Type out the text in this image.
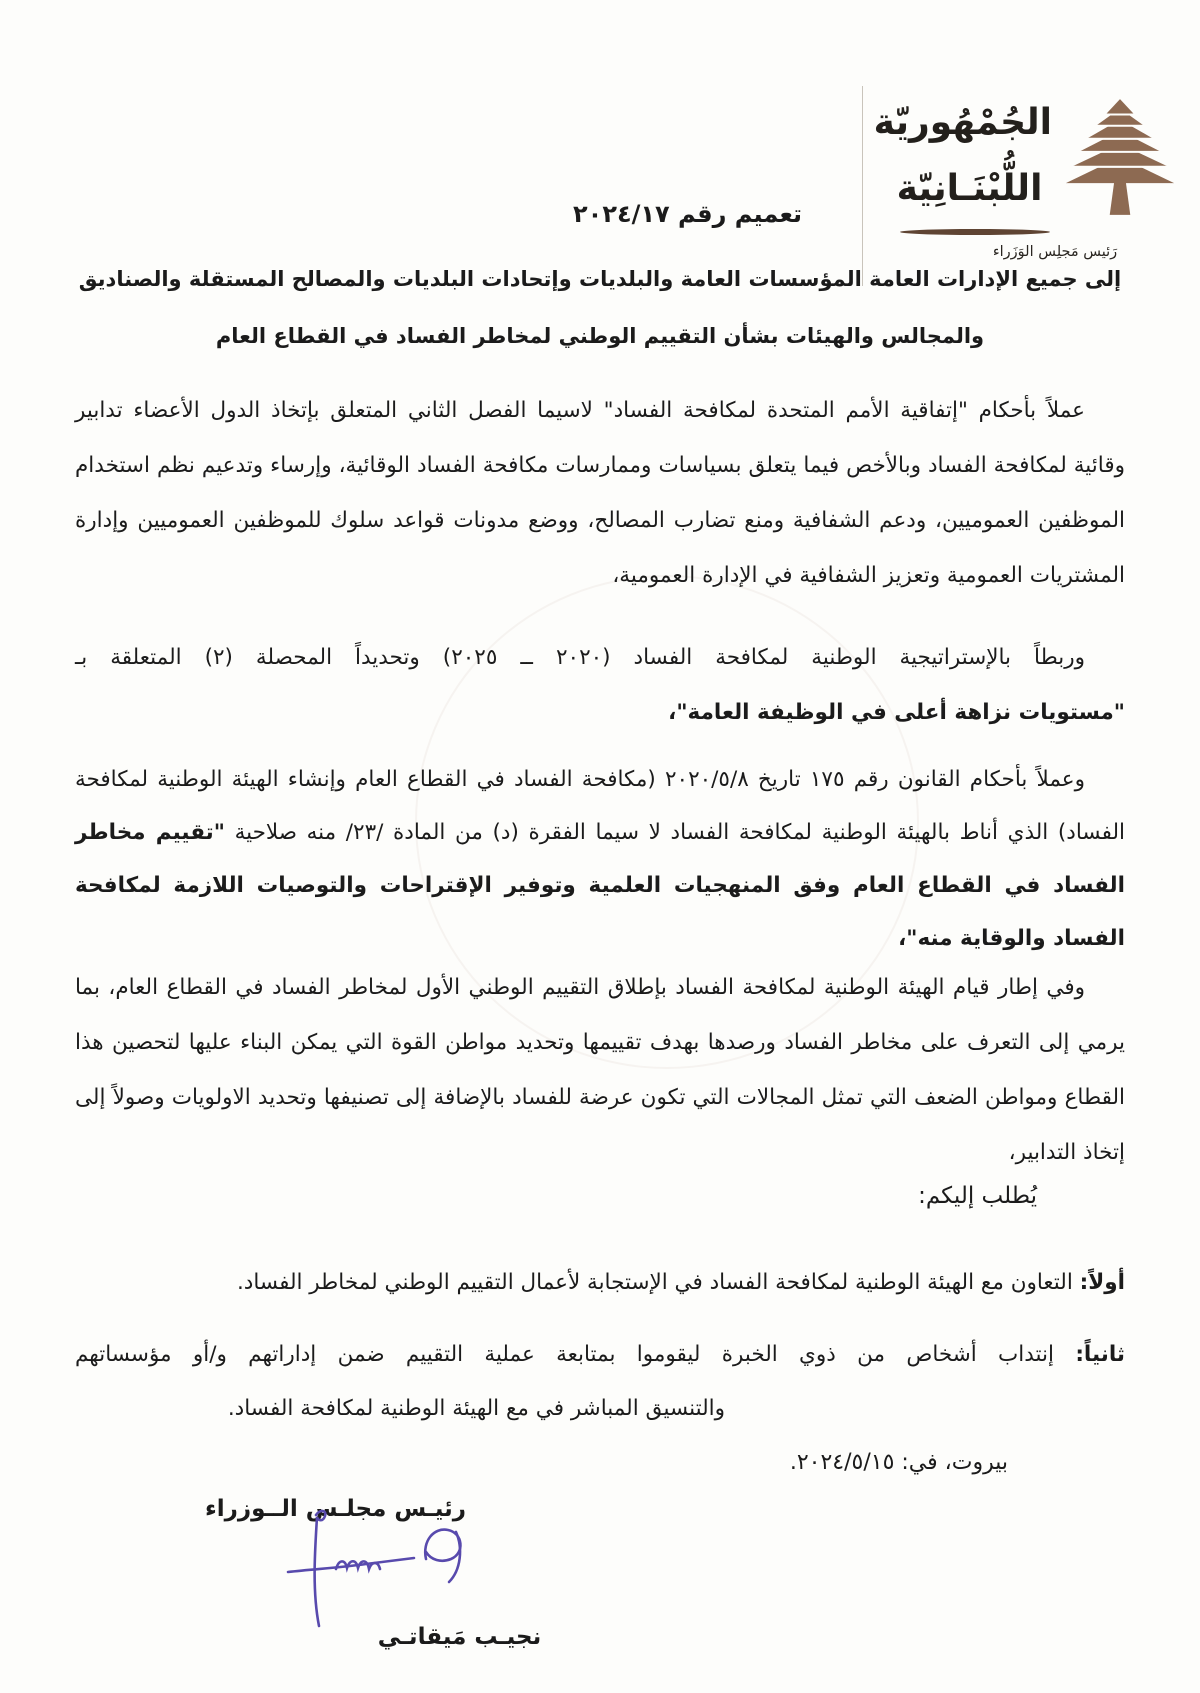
الجُمْهُوريّة
اللُّبْنَـانِيّة
رَئيس مَجلِس الوَزَراء
تعميم رقم ٢٠٢٤/١٧
إلى جميع الإدارات العامة المؤسسات العامة والبلديات وإتحادات البلديات والمصالح المستقلة والصناديق
والمجالس والهيئات بشأن التقييم الوطني لمخاطر الفساد في القطاع العام
عملاً بأحكام "إتفاقية الأمم المتحدة لمكافحة الفساد" لاسيما الفصل الثاني المتعلق بإتخاذ الدول الأعضاء تدابير وقائية لمكافحة الفساد وبالأخص فيما يتعلق بسياسات وممارسات مكافحة الفساد الوقائية، وإرساء وتدعيم نظم استخدام الموظفين العموميين، ودعم الشفافية ومنع تضارب المصالح، ووضع مدونات قواعد سلوك للموظفين العموميين وإدارة المشتريات العمومية وتعزيز الشفافية في الإدارة العمومية،
وربطاً بالإستراتيجية الوطنية لمكافحة الفساد (٢٠٢٠ ــ ٢٠٢٥) وتحديداً المحصلة (٢) المتعلقة بـ
"مستويات نزاهة أعلى في الوظيفة العامة"،
وعملاً بأحكام القانون رقم ١٧٥ تاريخ ٢٠٢٠/٥/٨ (مكافحة الفساد في القطاع العام وإنشاء الهيئة الوطنية لمكافحة الفساد) الذي أناط بالهيئة الوطنية لمكافحة الفساد لا سيما الفقرة (د) من المادة /٢٣/ منه صلاحية "تقييم مخاطر الفساد في القطاع العام وفق المنهجيات العلمية وتوفير الإقتراحات والتوصيات اللازمة لمكافحة الفساد والوقاية منه"،
وفي إطار قيام الهيئة الوطنية لمكافحة الفساد بإطلاق التقييم الوطني الأول لمخاطر الفساد في القطاع العام، بما يرمي إلى التعرف على مخاطر الفساد ورصدها بهدف تقييمها وتحديد مواطن القوة التي يمكن البناء عليها لتحصين هذا القطاع ومواطن الضعف التي تمثل المجالات التي تكون عرضة للفساد بالإضافة إلى تصنيفها وتحديد الاولويات وصولاً إلى إتخاذ التدابير،
يُطلب إليكم:
أولاً: التعاون مع الهيئة الوطنية لمكافحة الفساد في الإستجابة لأعمال التقييم الوطني لمخاطر الفساد.
ثانياً: إنتداب أشخاص من ذوي الخبرة ليقوموا بمتابعة عملية التقييم ضمن إداراتهم و/أو مؤسساتهم
والتنسيق المباشر في مع الهيئة الوطنية لمكافحة الفساد.
بيروت، في: ٢٠٢٤/٥/١٥.
رئيـس مجلـس الــوزراء
نجيـب مَيقاتـي
